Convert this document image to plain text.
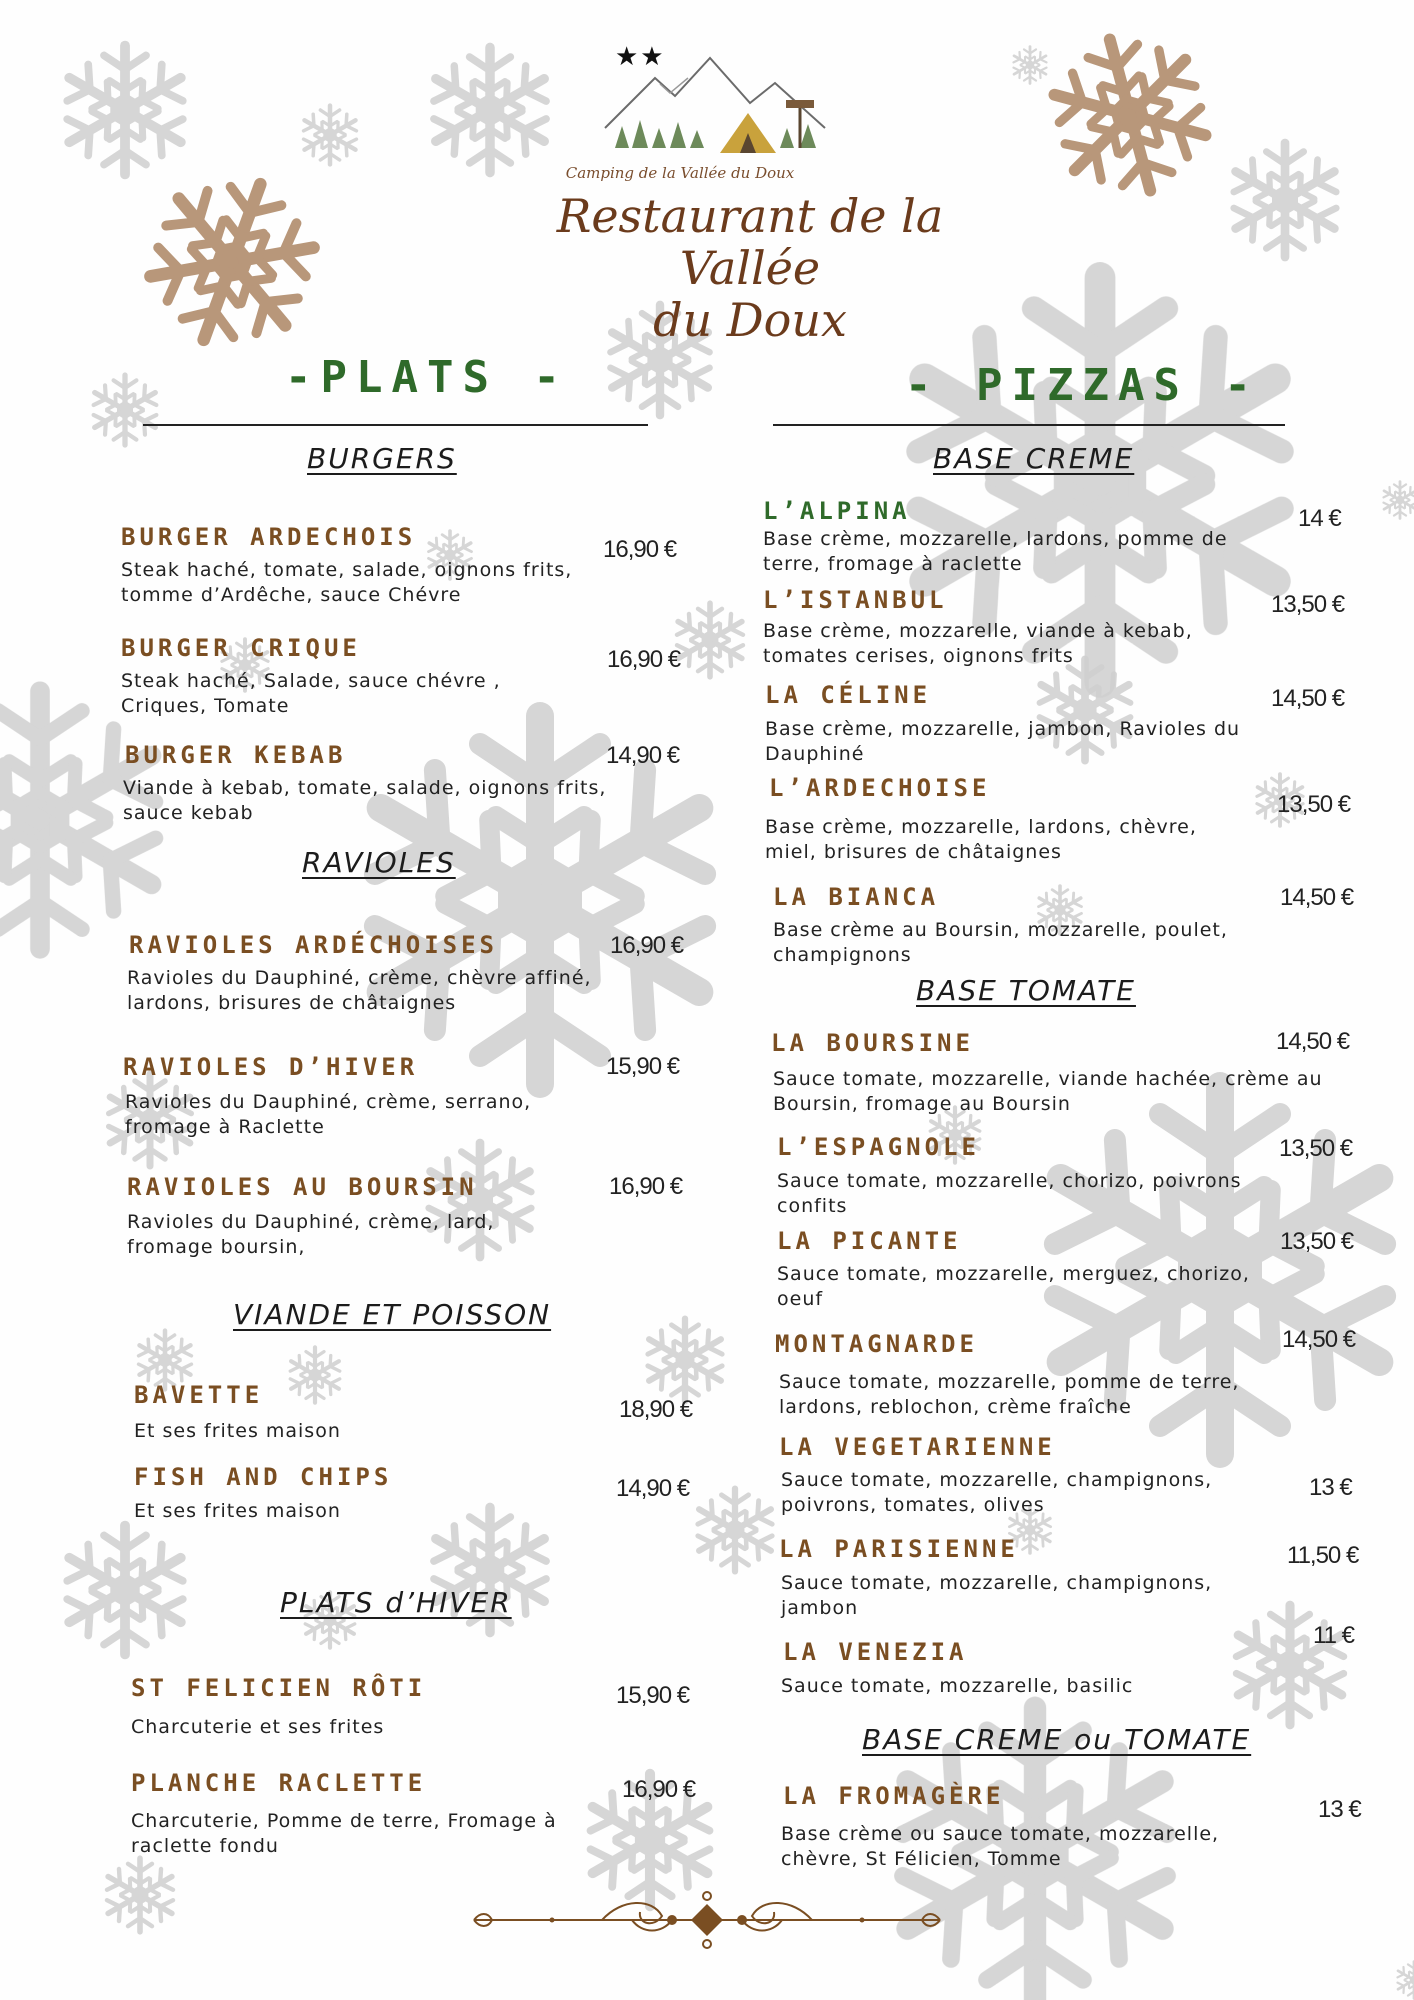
★★
Camping de la Vallée du Doux
Restaurant de la Vallée
du Doux
-PLATS -
BURGERS
BURGER ARDECHOIS
Steak haché, tomate, salade, oignons frits, tomme d’Ardêche, sauce Chévre
16,90 €
BURGER CRIQUE
Steak haché, Salade, sauce chévre , Criques, Tomate
16,90 €
BURGER KEBAB
Viande à kebab, tomate, salade, oignons frits, sauce kebab
14,90 €
RAVIOLES
RAVIOLES ARDÉCHOISES
Ravioles du Dauphiné, crème, chèvre affiné, lardons, brisures de châtaignes
16,90 €
RAVIOLES D’HIVER
Ravioles du Dauphiné, crème, serrano, fromage à Raclette
15,90 €
RAVIOLES AU BOURSIN
Ravioles du Dauphiné, crème, lard, fromage boursin,
16,90 €
VIANDE ET POISSON
BAVETTE
Et ses frites maison
18,90 €
FISH AND CHIPS
Et ses frites maison
14,90 €
PLATS d’HIVER
ST FELICIEN RÔTI
Charcuterie et ses frites
15,90 €
PLANCHE RACLETTE
Charcuterie, Pomme de terre, Fromage à raclette fondu
16,90 €
- PIZZAS -
BASE CREME
L’ALPINA
Base crème, mozzarelle, lardons, pomme de terre, fromage à raclette
14 €
L’ISTANBUL
Base crème, mozzarelle, viande à kebab, tomates cerises, oignons frits
13,50 €
LA CÉLINE
Base crème, mozzarelle, jambon, Ravioles du Dauphiné
14,50 €
L’ARDECHOISE
Base crème, mozzarelle, lardons, chèvre, miel, brisures de châtaignes
13,50 €
LA BIANCA
Base crème au Boursin, mozzarelle, poulet, champignons
14,50 €
BASE TOMATE
LA BOURSINE
Sauce tomate, mozzarelle, viande hachée, crème au Boursin, fromage au Boursin
14,50 €
L’ESPAGNOLE
Sauce tomate, mozzarelle, chorizo, poivrons confits
13,50 €
LA PICANTE
Sauce tomate, mozzarelle, merguez, chorizo, oeuf
13,50 €
MONTAGNARDE
Sauce tomate, mozzarelle, pomme de terre, lardons, reblochon, crème fraîche
14,50 €
LA VEGETARIENNE
Sauce tomate, mozzarelle, champignons, poivrons, tomates, olives
13 €
LA PARISIENNE
Sauce tomate, mozzarelle, champignons, jambon
11,50 €
LA VENEZIA
Sauce tomate, mozzarelle, basilic
11 €
BASE CREME ou TOMATE
LA FROMAGÈRE
Base crème ou sauce tomate, mozzarelle, chèvre, St Félicien, Tomme
13 €
